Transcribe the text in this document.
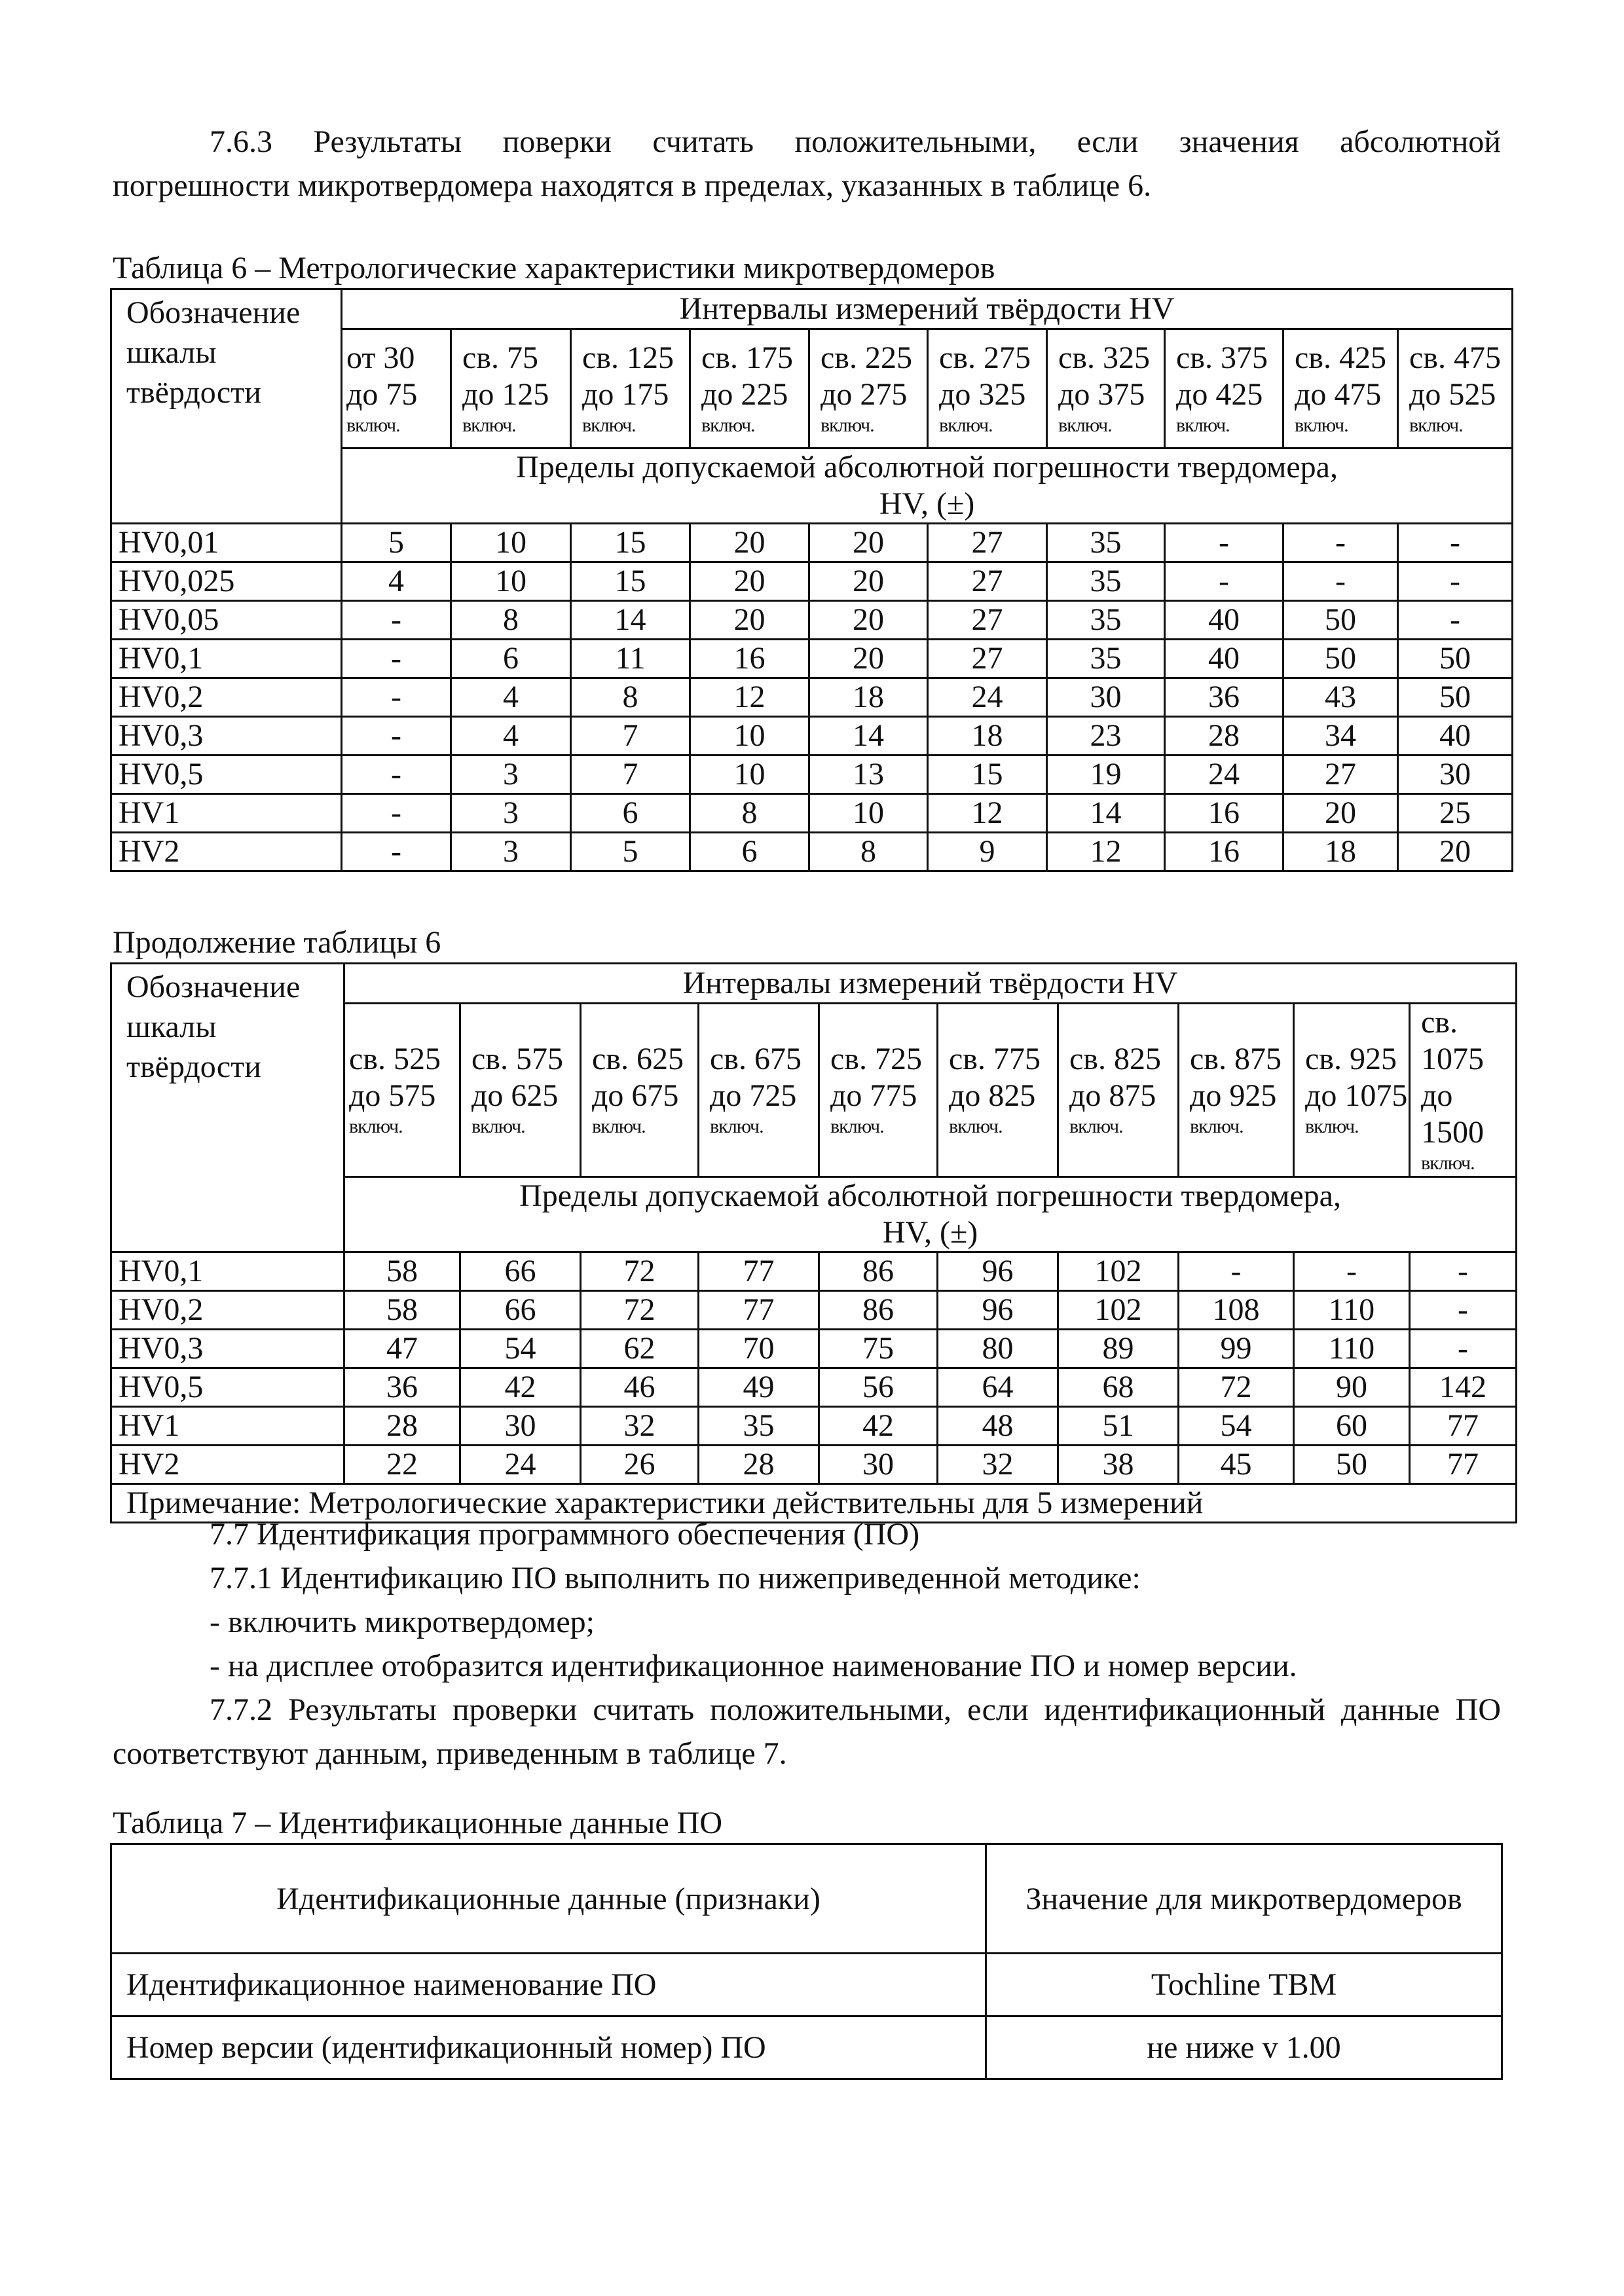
7.6.3 Результаты поверки считать положительными, если значения абсолютной

погрешности микротвердомера находятся в пределах, указанных в таблице 6.

Таблица 6 – Метрологические характеристики микротвердомеров
Обозначение
шкалы
твёрдости	Интервалы измерений твёрдости HV									

	от 30
до 75
включ.	св. 75
до 125
включ.	св. 125
до 175
включ.	св. 175
до 225
включ.	св. 225
до 275
включ.	св. 275
до 325
включ.	св. 325
до 375
включ.	св. 375
до 425
включ.	св. 425
до 475
включ.	св. 475
до 525
включ.

	Пределы допускаемой абсолютной погрешности твердомера,
HV, (±)									

HV0,01	5	10	15	20	20	27	35	-	-	-
HV0,025	4	10	15	20	20	27	35	-	-	-
HV0,05	-	8	14	20	20	27	35	40	50	-
HV0,1	-	6	11	16	20	27	35	40	50	50
HV0,2	-	4	8	12	18	24	30	36	43	50
HV0,3	-	4	7	10	14	18	23	28	34	40
HV0,5	-	3	7	10	13	15	19	24	27	30
HV1	-	3	6	8	10	12	14	16	20	25
HV2	-	3	5	6	8	9	12	16	18	20
Продолжение таблицы 6
Обозначение
шкалы
твёрдости	Интервалы измерений твёрдости HV									

	св. 525
до 575
включ.	св. 575
до 625
включ.	св. 625
до 675
включ.	св. 675
до 725
включ.	св. 725
до 775
включ.	св. 775
до 825
включ.	св. 825
до 875
включ.	св. 875
до 925
включ.	св. 925
до 1075
включ.	св. 1075
до 1500
включ.

	Пределы допускаемой абсолютной погрешности твердомера,
HV, (±)									

HV0,1	58	66	72	77	86	96	102	-	-	-
HV0,2	58	66	72	77	86	96	102	108	110	-
HV0,3	47	54	62	70	75	80	89	99	110	-
HV0,5	36	42	46	49	56	64	68	72	90	142
HV1	28	30	32	35	42	48	51	54	60	77
HV2	22	24	26	28	30	32	38	45	50	77
Примечание: Метрологические характеристики действительны для 5 измерений										
7.7 Идентификация программного обеспечения (ПО)
7.7.1 Идентификацию ПО выполнить по нижеприведенной методике:
- включить микротвердомер;
- на дисплее отобразится идентификационное наименование ПО и номер версии.

7.7.2 Результаты проверки считать положительными, если идентификационный данные ПО

соответствуют данным, приведенным в таблице 7.

Таблица 7 – Идентификационные данные ПО
Идентификационные данные (признаки)	Значение для микротвердомеров
Идентификационное наименование ПО	Tochline ТВМ
Номер версии (идентификационный номер) ПО	не ниже v 1.00
